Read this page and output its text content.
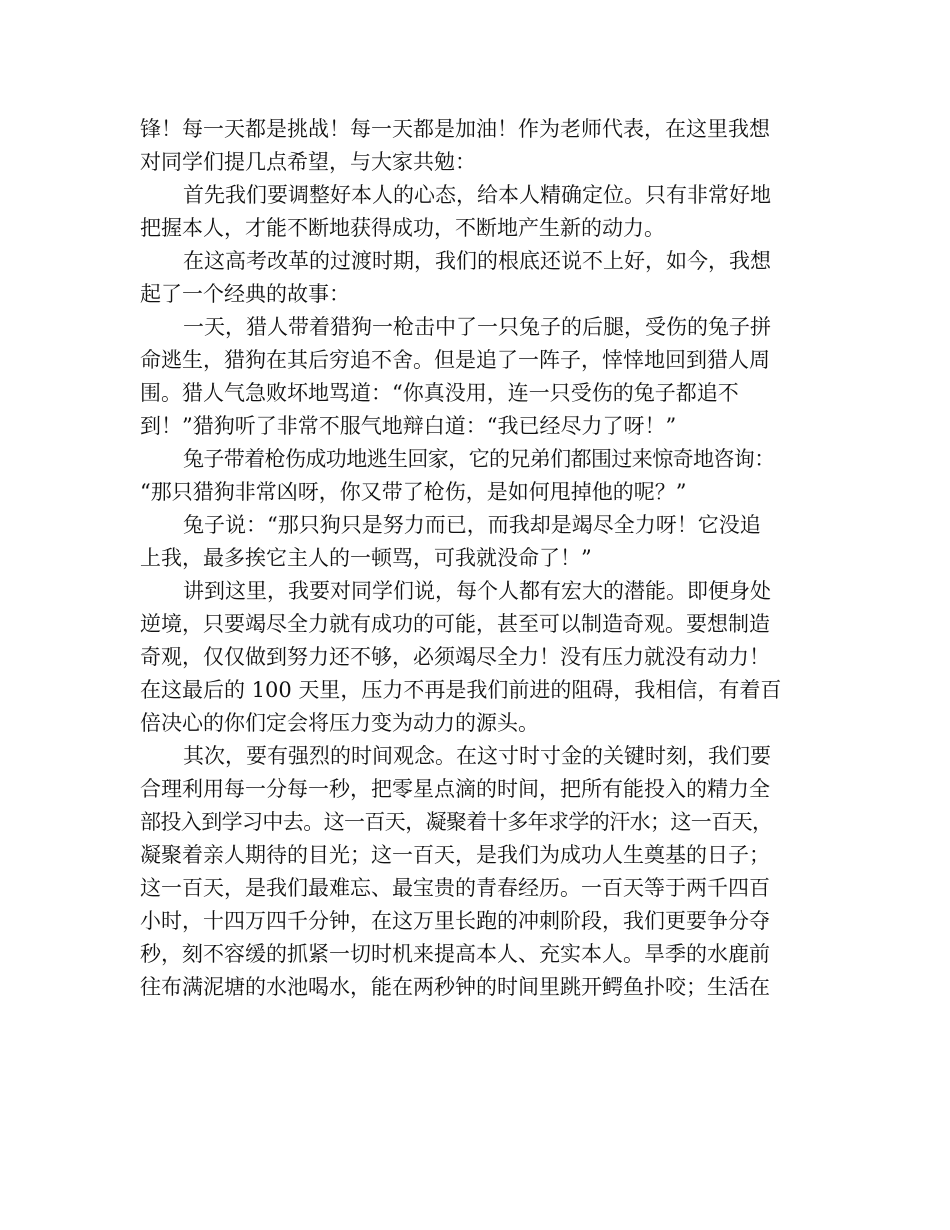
锋！每一天都是挑战！每一天都是加油！作为老师代表，在这里我想
对同学们提几点希望，与大家共勉：
首先我们要调整好本人的心态，给本人精确定位。只有非常好地
把握本人，才能不断地获得成功，不断地产生新的动力。
在这高考改革的过渡时期，我们的根底还说不上好，如今，我想
起了一个经典的故事：
一天，猎人带着猎狗一枪击中了一只兔子的后腿，受伤的兔子拼
命逃生，猎狗在其后穷追不舍。但是追了一阵子，悻悻地回到猎人周
围。猎人气急败坏地骂道：“你真没用，连一只受伤的兔子都追不
到！”猎狗听了非常不服气地辩白道：“我已经尽力了呀！”
兔子带着枪伤成功地逃生回家，它的兄弟们都围过来惊奇地咨询：
“那只猎狗非常凶呀，你又带了枪伤，是如何甩掉他的呢？”
兔子说：“那只狗只是努力而已，而我却是竭尽全力呀！它没追
上我，最多挨它主人的一顿骂，可我就没命了！”
讲到这里，我要对同学们说，每个人都有宏大的潜能。即便身处
逆境，只要竭尽全力就有成功的可能，甚至可以制造奇观。要想制造
奇观，仅仅做到努力还不够，必须竭尽全力！没有压力就没有动力！
在这最后的 100 天里，压力不再是我们前进的阻碍，我相信，有着百
倍决心的你们定会将压力变为动力的源头。
其次，要有强烈的时间观念。在这寸时寸金的关键时刻，我们要
合理利用每一分每一秒，把零星点滴的时间，把所有能投入的精力全
部投入到学习中去。这一百天，凝聚着十多年求学的汗水；这一百天，
凝聚着亲人期待的目光；这一百天，是我们为成功人生奠基的日子；
这一百天，是我们最难忘、最宝贵的青春经历。一百天等于两千四百
小时，十四万四千分钟，在这万里长跑的冲刺阶段，我们更要争分夺
秒，刻不容缓的抓紧一切时机来提高本人、充实本人。旱季的水鹿前
往布满泥塘的水池喝水，能在两秒钟的时间里跳开鳄鱼扑咬；生活在
